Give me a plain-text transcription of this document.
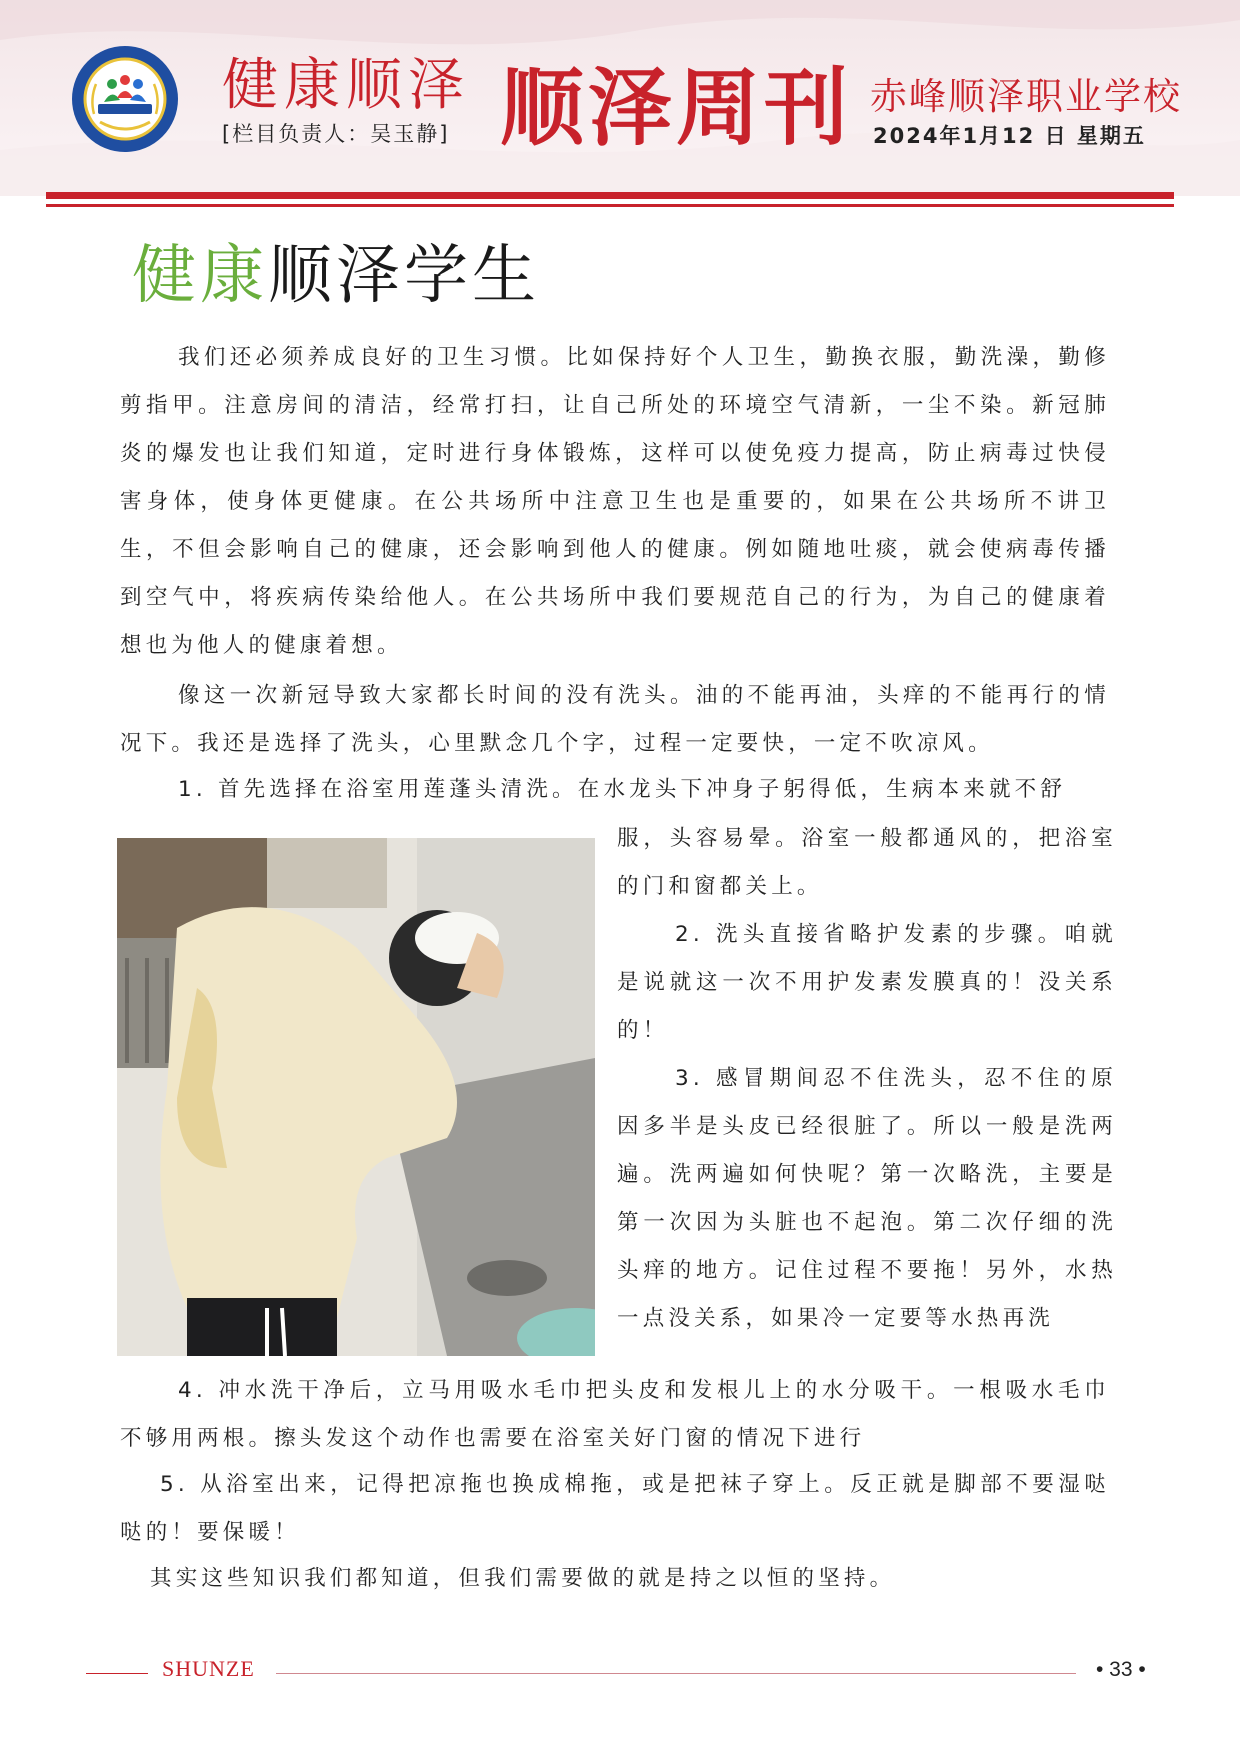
健康顺泽
[栏目负责人：吴玉静] 顺泽周刊 赤峰顺泽职业学校
2024年1月12 日 星期五
健康顺泽学生
我们还必须养成良好的卫生习惯。比如保持好个人卫生，勤换衣服，勤洗澡，勤修剪指甲。注意房间的清洁，经常打扫，让自己所处的环境空气清新，一尘不染。新冠肺炎的爆发也让我们知道，定时进行身体锻炼，这样可以使免疫力提高，防止病毒过快侵害身体，使身体更健康。在公共场所中注意卫生也是重要的，如果在公共场所不讲卫生，不但会影响自己的健康，还会影响到他人的健康。例如随地吐痰，就会使病毒传播到空气中，将疾病传染给他人。在公共场所中我们要规范自己的行为，为自己的健康着想也为他人的健康着想。
像这一次新冠导致大家都长时间的没有洗头。油的不能再油，头痒的不能再行的情况下。我还是选择了洗头，心里默念几个字，过程一定要快，一定不吹凉风。
1. 首先选择在浴室用莲蓬头清洗。在水龙头下冲身子躬得低，生病本来就不舒
服，头容易晕。浴室一般都通风的，把浴室的门和窗都关上。
2. 洗头直接省略护发素的步骤。咱就是说就这一次不用护发素发膜真的！没关系的！
3. 感冒期间忍不住洗头，忍不住的原因多半是头皮已经很脏了。所以一般是洗两遍。洗两遍如何快呢？第一次略洗，主要是第一次因为头脏也不起泡。第二次仔细的洗头痒的地方。记住过程不要拖！另外，水热一点没关系，如果冷一定要等水热再洗
4. 冲水洗干净后，立马用吸水毛巾把头皮和发根儿上的水分吸干。一根吸水毛巾不够用两根。擦头发这个动作也需要在浴室关好门窗的情况下进行
5. 从浴室出来，记得把凉拖也换成棉拖，或是把袜子穿上。反正就是脚部不要湿哒哒的！要保暖！
其实这些知识我们都知道，但我们需要做的就是持之以恒的坚持。
SHUNZE	• 33 •
